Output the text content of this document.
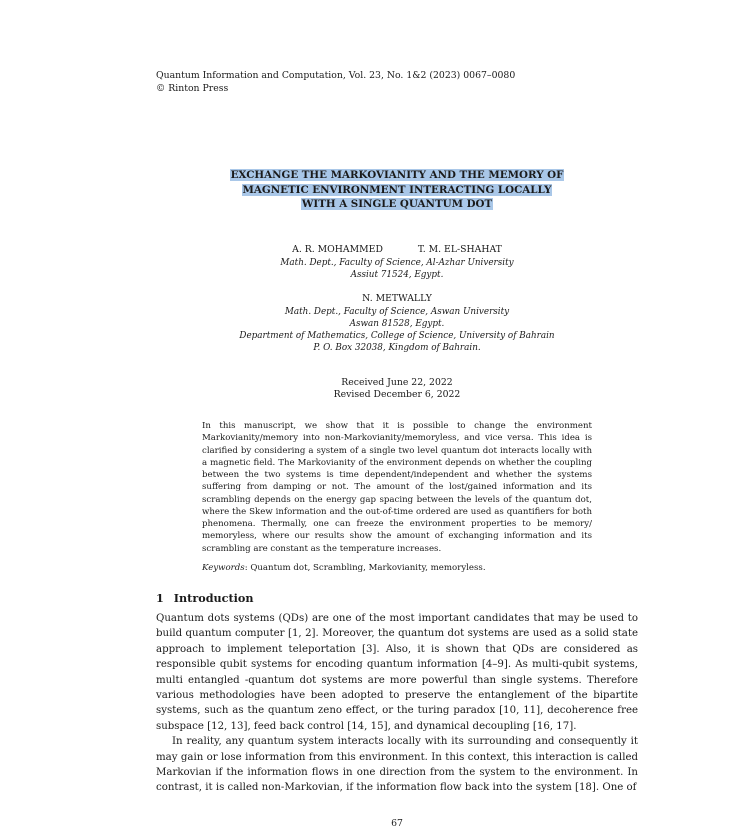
Quantum Information and Computation, Vol. 23, No. 1&2 (2023) 0067–0080
© Rinton Press
EXCHANGE THE MARKOVIANITY AND THE MEMORY OF
MAGNETIC ENVIRONMENT INTERACTING LOCALLY
WITH A SINGLE QUANTUM DOT
A. R. MOHAMMED	T. M. EL-SHAHAT
Math. Dept., Faculty of Science, Al-Azhar University
Assiut 71524, Egypt.
N. METWALLY
Math. Dept., Faculty of Science, Aswan University
Aswan 81528, Egypt.
Department of Mathematics, College of Science, University of Bahrain
P. O. Box 32038, Kingdom of Bahrain.
Received June 22, 2022
Revised December 6, 2022
In this manuscript, we show that it is possible to change the environment Markovianity/memory into non-Markovianity/memoryless, and vice versa. This idea is clarified by considering a system of a single two level quantum dot interacts locally with a magnetic field. The Markovianity of the environment depends on whether the coupling between the two systems is time dependent/independent and whether the systems suffering from damping or not. The amount of the lost/gained information and its scrambling depends on the energy gap spacing between the levels of the quantum dot, where the Skew information and the out-of-time ordered are used as quantifiers for both phenomena. Thermally, one can freeze the environment properties to be memory/ memoryless, where our results show the amount of exchanging information and its scrambling are constant as the temperature increases.
Keywords: Quantum dot, Scrambling, Markovianity, memoryless.
1 Introduction

Quantum dots systems (QDs) are one of the most important candidates that may be used to build quantum computer [1, 2]. Moreover, the quantum dot systems are used as a solid state approach to implement teleportation [3]. Also, it is shown that QDs are considered as responsible qubit systems for encoding quantum information [4–9]. As multi-qubit systems, multi entangled -quantum dot systems are more powerful than single systems. Therefore various methodologies have been adopted to preserve the entanglement of the bipartite systems, such as the quantum zeno effect, or the turing paradox [10, 11], decoherence free subspace [12, 13], feed back control [14, 15], and dynamical decoupling [16, 17].

In reality, any quantum system interacts locally with its surrounding and consequently it may gain or lose information from this environment. In this context, this interaction is called Markovian if the information flows in one direction from the system to the environment. In contrast, it is called non-Markovian, if the information flow back into the system [18]. One of

67
